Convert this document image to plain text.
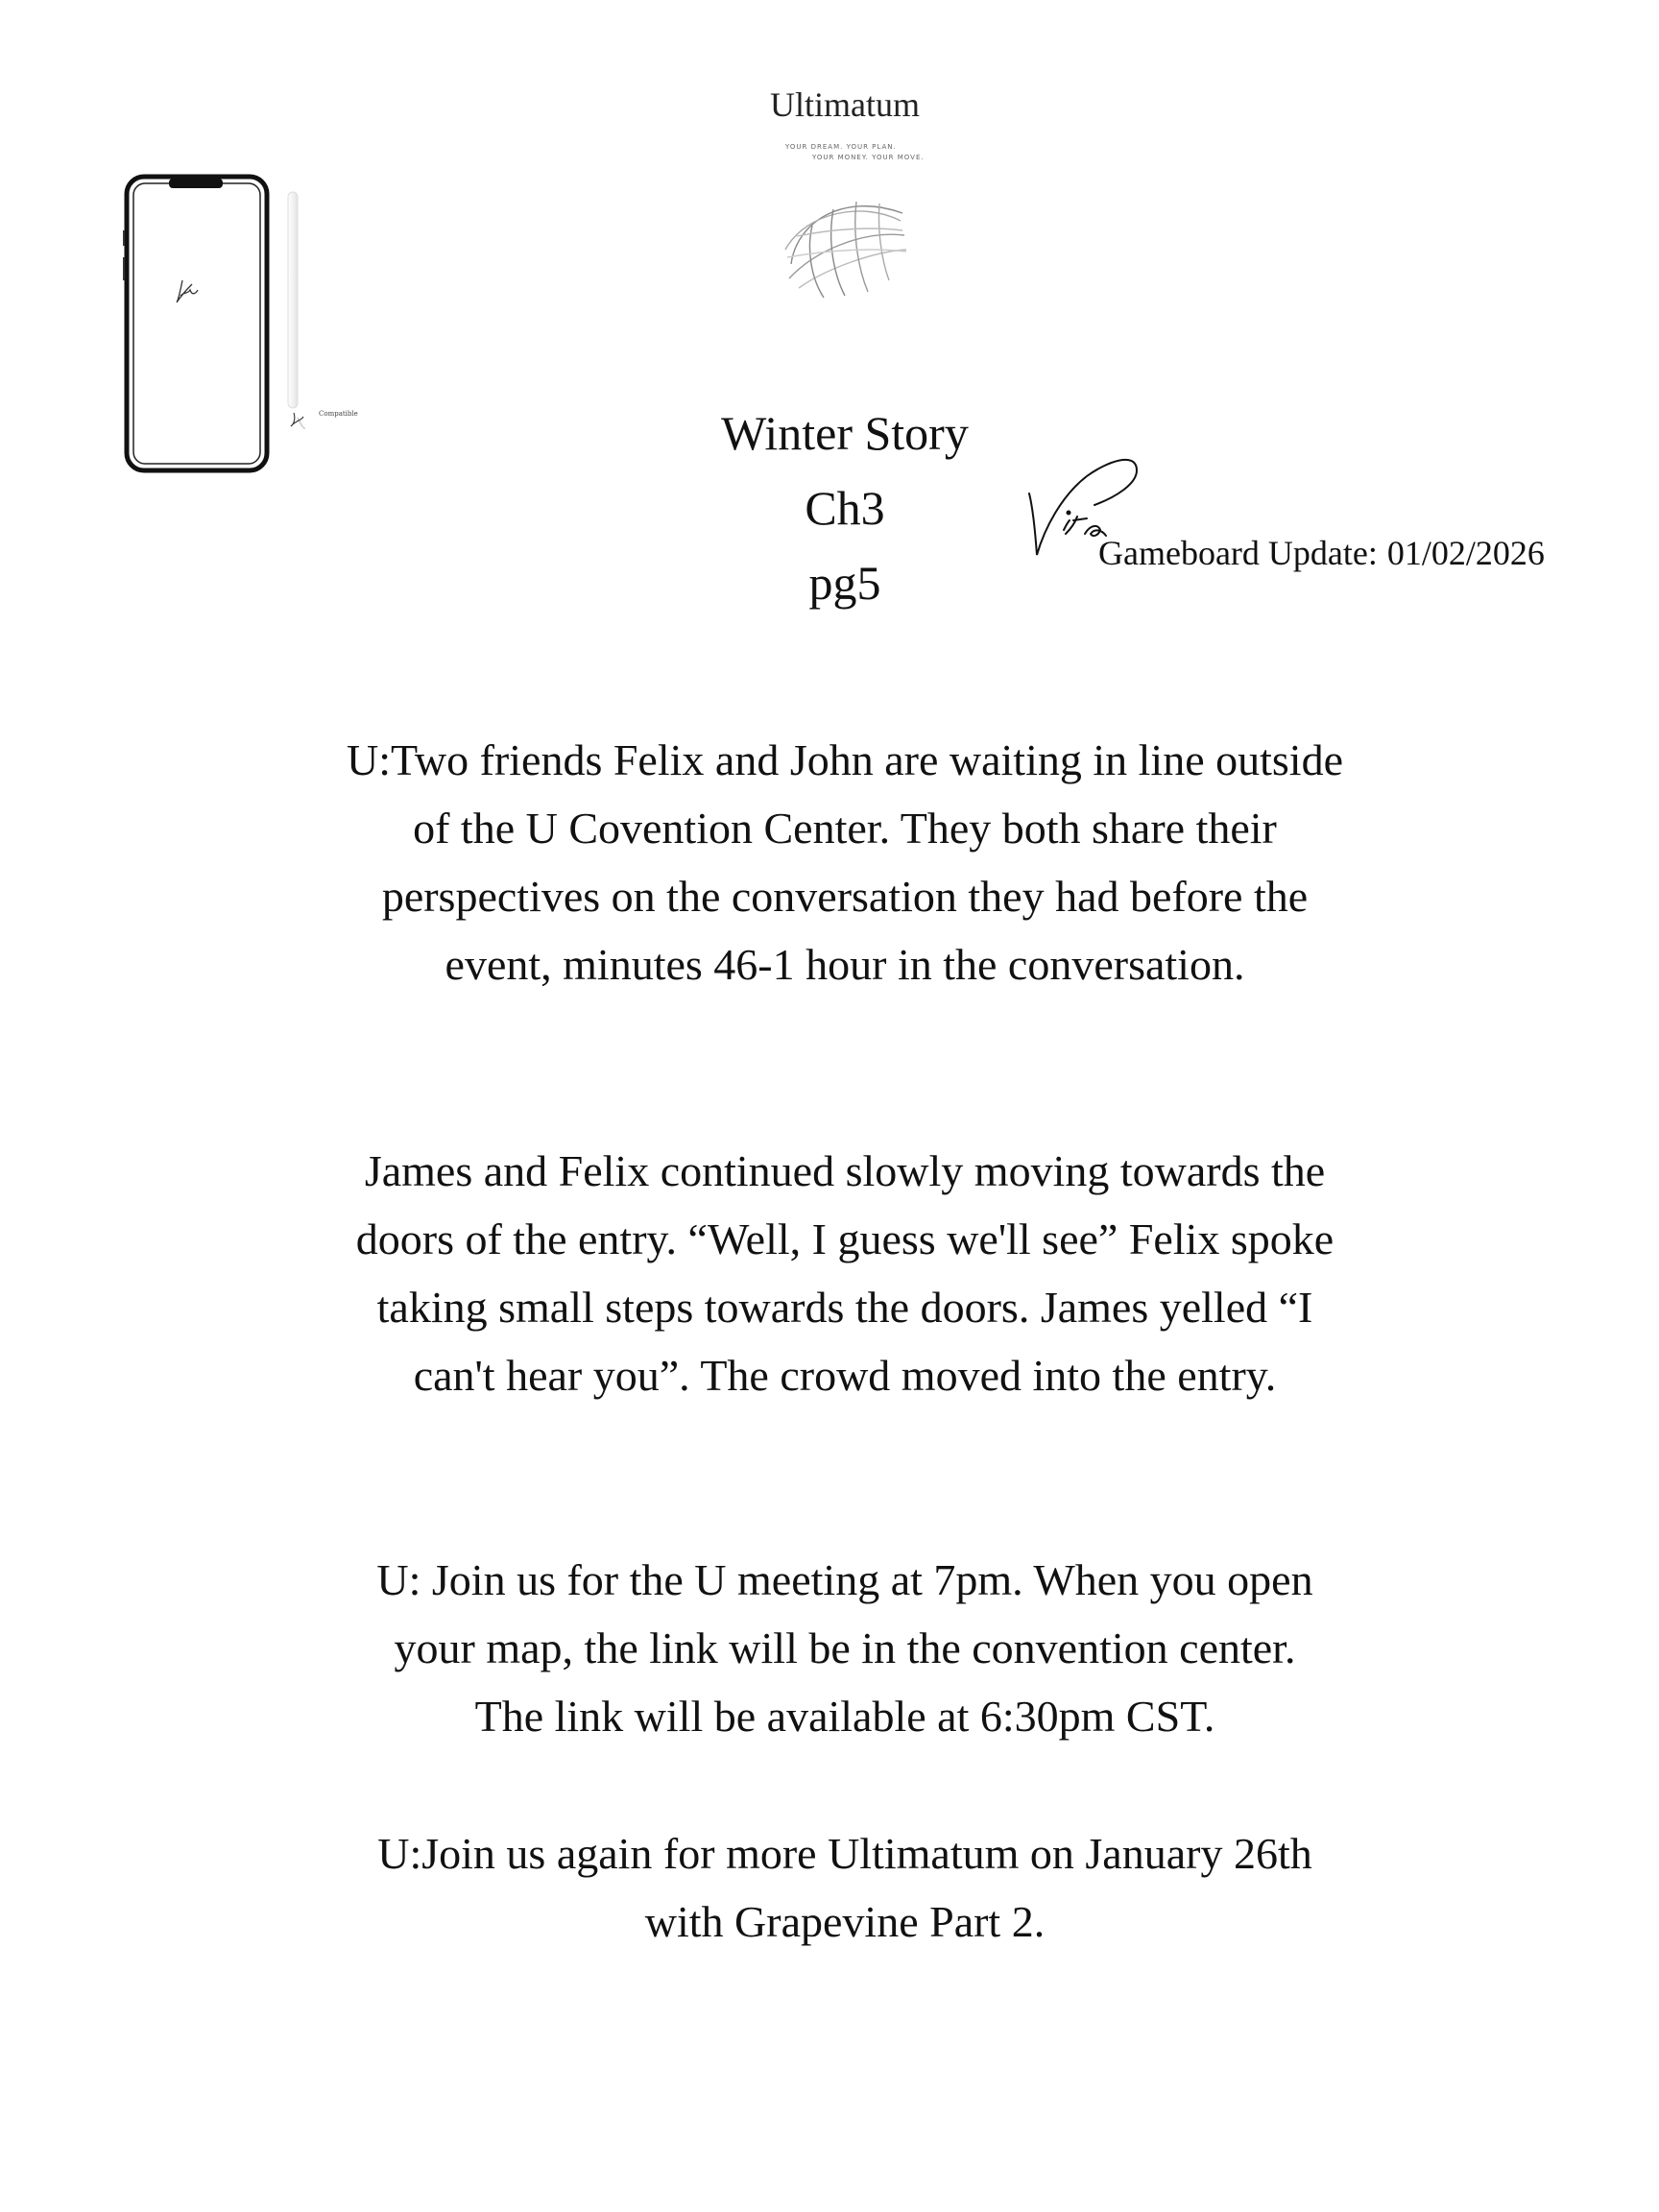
Ultimatum
YOUR DREAM. YOUR PLAN.
YOUR MONEY. YOUR MOVE.
Compatible	Winter Story
Ch3
pg5
Gameboard Update: 01/02/2026
U:Two friends Felix and John are waiting in line outside
of the U Covention Center. They both share their
perspectives on the conversation they had before the
event, minutes 46-1 hour in the conversation.
James and Felix continued slowly moving towards the
doors of the entry. “Well, I guess we'll see” Felix spoke
taking small steps towards the doors. James yelled “I
can't hear you”. The crowd moved into the entry.
U: Join us for the U meeting at 7pm. When you open
your map, the link will be in the convention center.
The link will be available at 6:30pm CST.
U:Join us again for more Ultimatum on January 26th
with Grapevine Part 2.
